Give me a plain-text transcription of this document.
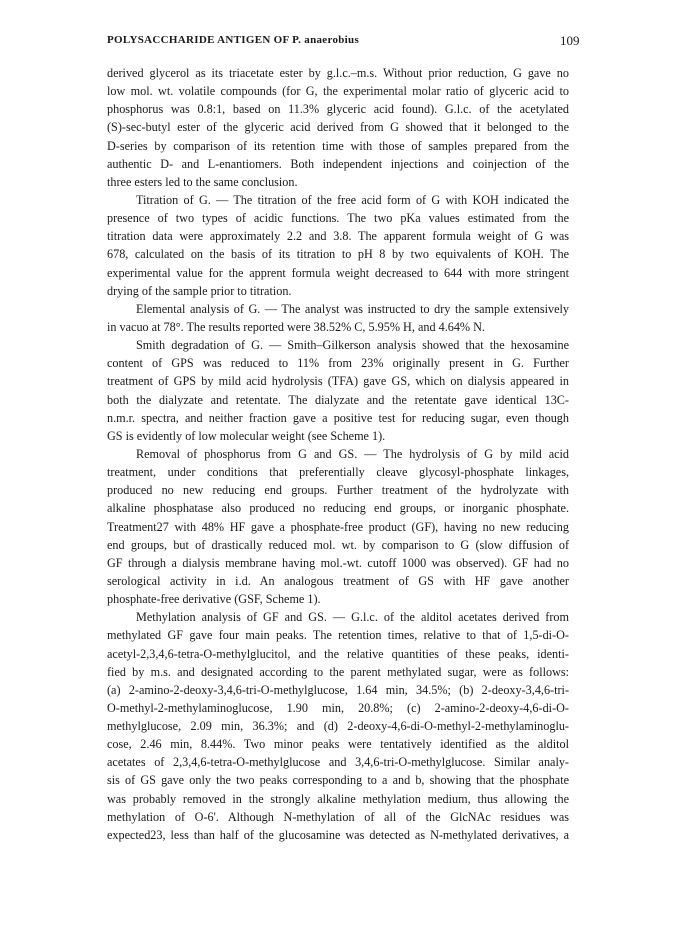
POLYSACCHARIDE ANTIGEN OF P. anaerobius	109
derived glycerol as its triacetate ester by g.l.c.–m.s. Without prior reduction, G gave no
low mol. wt. volatile compounds (for G, the experimental molar ratio of glyceric acid to
phosphorus was 0.8:1, based on 11.3% glyceric acid found). G.l.c. of the acetylated
(S)-sec-butyl ester of the glyceric acid derived from G showed that it belonged to the
D-series by comparison of its retention time with those of samples prepared from the
authentic D- and L-enantiomers. Both independent injections and coinjection of the
three esters led to the same conclusion.
Titration of G. — The titration of the free acid form of G with KOH indicated the
presence of two types of acidic functions. The two pKa values estimated from the
titration data were approximately 2.2 and 3.8. The apparent formula weight of G was
678, calculated on the basis of its titration to pH 8 by two equivalents of KOH. The
experimental value for the apprent formula weight decreased to 644 with more stringent
drying of the sample prior to titration.
Elemental analysis of G. — The analyst was instructed to dry the sample extensively
in vacuo at 78°. The results reported were 38.52% C, 5.95% H, and 4.64% N.
Smith degradation of G. — Smith–Gilkerson analysis showed that the hexosamine
content of GPS was reduced to 11% from 23% originally present in G. Further
treatment of GPS by mild acid hydrolysis (TFA) gave GS, which on dialysis appeared in
both the dialyzate and retentate. The dialyzate and the retentate gave identical 13C-
n.m.r. spectra, and neither fraction gave a positive test for reducing sugar, even though
GS is evidently of low molecular weight (see Scheme 1).
Removal of phosphorus from G and GS. — The hydrolysis of G by mild acid
treatment, under conditions that preferentially cleave glycosyl-phosphate linkages,
produced no new reducing end groups. Further treatment of the hydrolyzate with
alkaline phosphatase also produced no reducing end groups, or inorganic phosphate.
Treatment27 with 48% HF gave a phosphate-free product (GF), having no new reducing
end groups, but of drastically reduced mol. wt. by comparison to G (slow diffusion of
GF through a dialysis membrane having mol.-wt. cutoff 1000 was observed). GF had no
serological activity in i.d. An analogous treatment of GS with HF gave another
phosphate-free derivative (GSF, Scheme 1).
Methylation analysis of GF and GS. — G.l.c. of the alditol acetates derived from
methylated GF gave four main peaks. The retention times, relative to that of 1,5-di-O-
acetyl-2,3,4,6-tetra-O-methylglucitol, and the relative quantities of these peaks, identi-
fied by m.s. and designated according to the parent methylated sugar, were as follows:
(a) 2-amino-2-deoxy-3,4,6-tri-O-methylglucose, 1.64 min, 34.5%; (b) 2-deoxy-3,4,6-tri-
O-methyl-2-methylaminoglucose, 1.90 min, 20.8%; (c) 2-amino-2-deoxy-4,6-di-O-
methylglucose, 2.09 min, 36.3%; and (d) 2-deoxy-4,6-di-O-methyl-2-methylaminoglu-
cose, 2.46 min, 8.44%. Two minor peaks were tentatively identified as the alditol
acetates of 2,3,4,6-tetra-O-methylglucose and 3,4,6-tri-O-methylglucose. Similar analy-
sis of GS gave only the two peaks corresponding to a and b, showing that the phosphate
was probably removed in the strongly alkaline methylation medium, thus allowing the
methylation of O-6'. Although N-methylation of all of the GlcNAc residues was
expected23, less than half of the glucosamine was detected as N-methylated derivatives, a
